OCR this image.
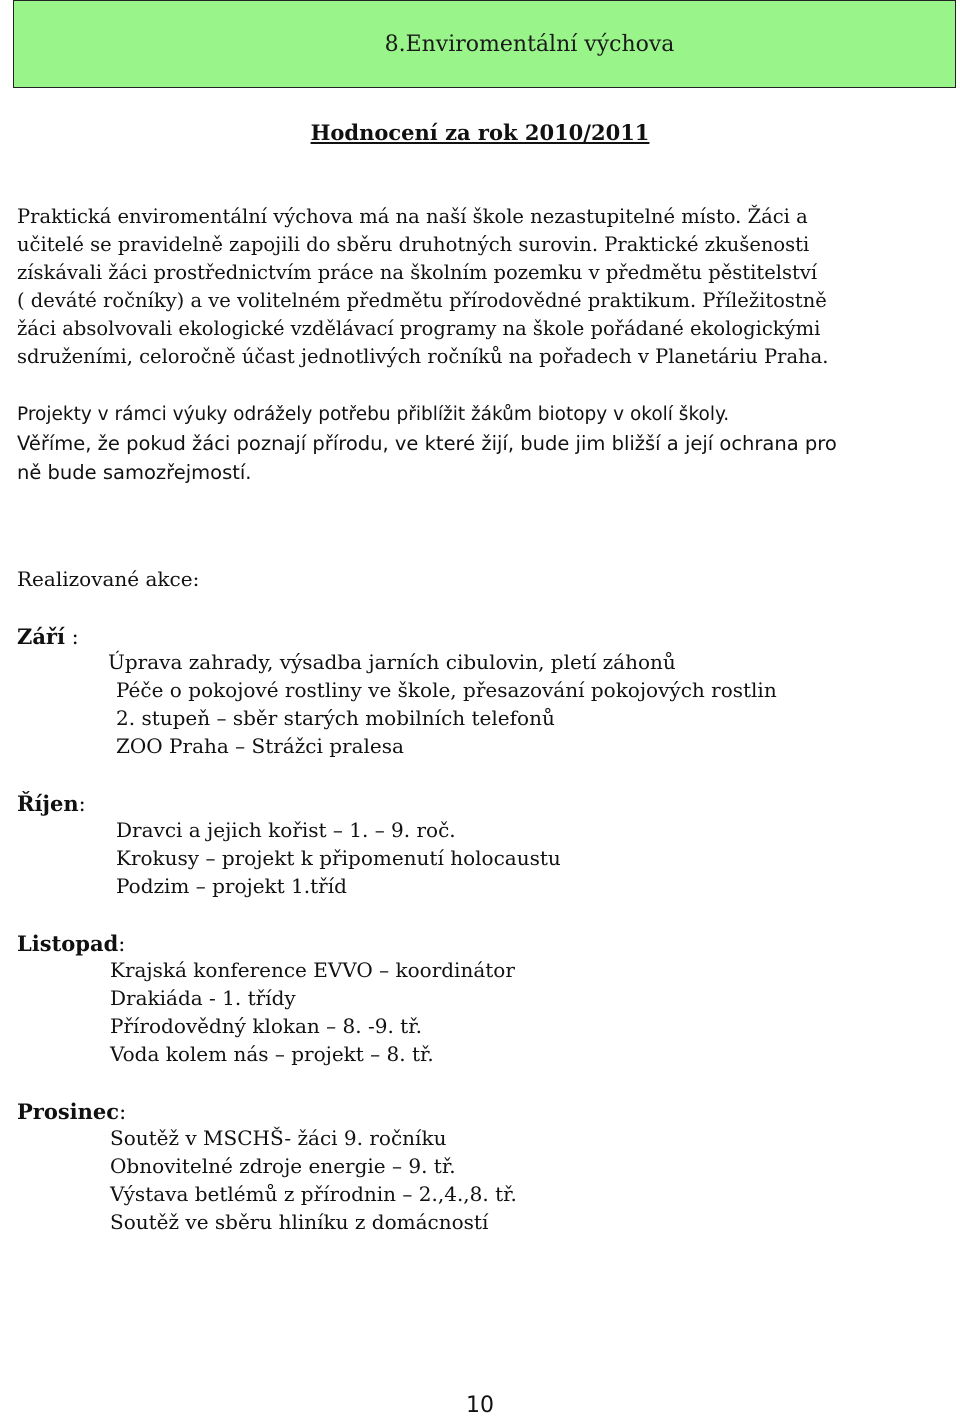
8.Enviromentální výchova
Hodnocení za rok 2010/2011
Praktická enviromentální výchova má na naší škole nezastupitelné místo. Žáci a
učitelé se pravidelně zapojili do sběru druhotných surovin. Praktické zkušenosti
získávali žáci prostřednictvím práce na školním pozemku v předmětu pěstitelství
( deváté ročníky) a ve volitelném předmětu přírodovědné praktikum. Příležitostně
žáci absolvovali ekologické vzdělávací programy na škole pořádané ekologickými
sdruženími, celoročně účast jednotlivých ročníků na pořadech v Planetáriu Praha.
Projekty v rámci výuky odrážely potřebu přiblížit žákům biotopy v okolí školy.
Věříme, že pokud žáci poznají přírodu, ve které žijí, bude jim bližší a její ochrana pro
ně bude samozřejmostí.
Realizované akce:
Září :
Úprava zahrady, výsadba jarních cibulovin, pletí záhonů
Péče o pokojové rostliny ve škole, přesazování pokojových rostlin
2. stupeň – sběr starých mobilních telefonů
ZOO Praha – Strážci pralesa
Říjen:
Dravci a jejich kořist – 1. – 9. roč.
Krokusy – projekt k připomenutí holocaustu
Podzim – projekt 1.tříd
Listopad:
Krajská konference EVVO – koordinátor
Drakiáda - 1. třídy
Přírodovědný klokan – 8. -9. tř.
Voda kolem nás – projekt – 8. tř.
Prosinec:
Soutěž v MSCHŠ- žáci 9. ročníku
Obnovitelné zdroje energie – 9. tř.
Výstava betlémů z přírodnin – 2.,4.,8. tř.
Soutěž ve sběru hliníku z domácností
10
